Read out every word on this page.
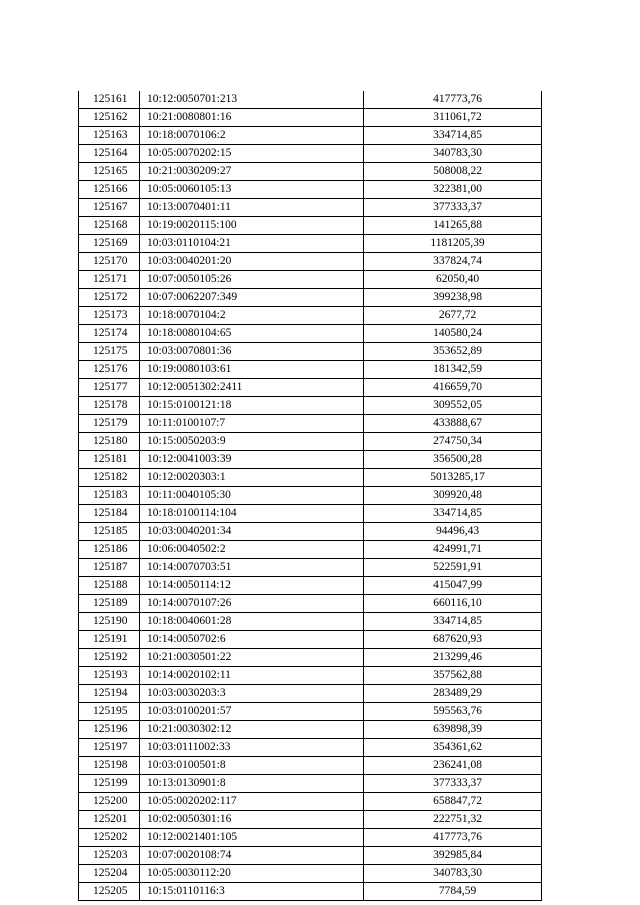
125161	10:12:0050701:213	417773,76
125162	10:21:0080801:16	311061,72
125163	10:18:0070106:2	334714,85
125164	10:05:0070202:15	340783,30
125165	10:21:0030209:27	508008,22
125166	10:05:0060105:13	322381,00
125167	10:13:0070401:11	377333,37
125168	10:19:0020115:100	141265,88
125169	10:03:0110104:21	1181205,39
125170	10:03:0040201:20	337824,74
125171	10:07:0050105:26	62050,40
125172	10:07:0062207:349	399238,98
125173	10:18:0070104:2	2677,72
125174	10:18:0080104:65	140580,24
125175	10:03:0070801:36	353652,89
125176	10:19:0080103:61	181342,59
125177	10:12:0051302:2411	416659,70
125178	10:15:0100121:18	309552,05
125179	10:11:0100107:7	433888,67
125180	10:15:0050203:9	274750,34
125181	10:12:0041003:39	356500,28
125182	10:12:0020303:1	5013285,17
125183	10:11:0040105:30	309920,48
125184	10:18:0100114:104	334714,85
125185	10:03:0040201:34	94496,43
125186	10:06:0040502:2	424991,71
125187	10:14:0070703:51	522591,91
125188	10:14:0050114:12	415047,99
125189	10:14:0070107:26	660116,10
125190	10:18:0040601:28	334714,85
125191	10:14:0050702:6	687620,93
125192	10:21:0030501:22	213299,46
125193	10:14:0020102:11	357562,88
125194	10:03:0030203:3	283489,29
125195	10:03:0100201:57	595563,76
125196	10:21:0030302:12	639898,39
125197	10:03:0111002:33	354361,62
125198	10:03:0100501:8	236241,08
125199	10:13:0130901:8	377333,37
125200	10:05:0020202:117	658847,72
125201	10:02:0050301:16	222751,32
125202	10:12:0021401:105	417773,76
125203	10:07:0020108:74	392985,84
125204	10:05:0030112:20	340783,30
125205	10:15:0110116:3	7784,59
